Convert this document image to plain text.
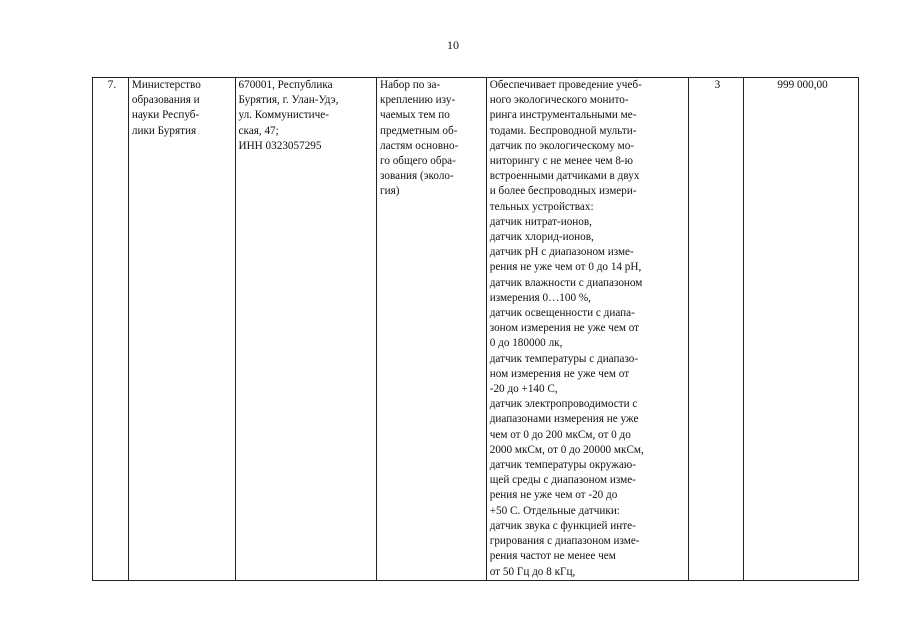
10
7.	Министерство
образования и
науки Респуб-
лики Бурятия	670001, Республика
Бурятия, г. Улан-Удэ,
ул. Коммунистиче-
ская, 47;
ИНН 0323057295	Набор по за-
креплению изу-
чаемых тем по
предметным об-
ластям основно-
го общего обра-
зования (эколо-
гия)	Обеспечивает проведение учеб-
ного экологического монито-
ринга инструментальными ме-
тодами. Беспроводной мульти-
датчик по экологическому мо-
ниторингу с не менее чем 8-ю
встроенными датчиками в двух
и более беспроводных измери-
тельных устройствах:
датчик нитрат-ионов,
датчик хлорид-ионов,
датчик pH с диапазоном изме-
рения не уже чем от 0 до 14 pH,
датчик влажности с диапазоном
измерения 0…100 %,
датчик освещенности с диапа-
зоном измерения не уже чем от
0 до 180000 лк,
датчик температуры с диапазо-
ном измерения не уже чем от
-20 до +140 С,
датчик электропроводимости с
диапазонами измерения не уже
чем от 0 до 200 мкСм, от 0 до
2000 мкСм, от 0 до 20000 мкСм,
датчик температуры окружаю-
щей среды с диапазоном изме-
рения не уже чем от -20 до
+50 С. Отдельные датчики:
датчик звука с функцией инте-
грирования с диапазоном изме-
рения частот не менее чем
от 50 Гц до 8 кГц,	3	999 000,00
